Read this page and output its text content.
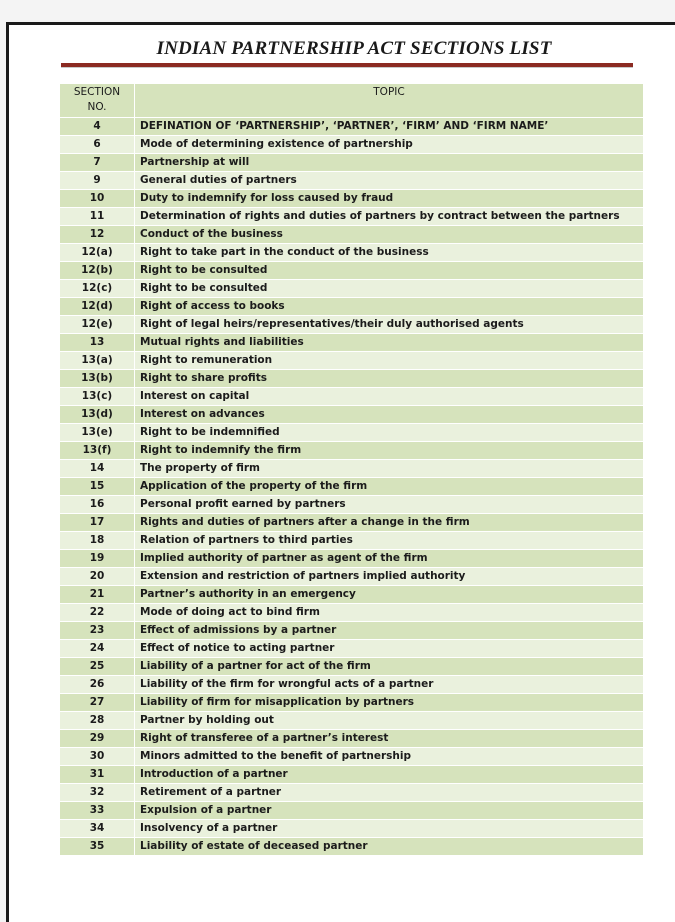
INDIAN PARTNERSHIP ACT SECTIONS LIST
SECTION
NO.	TOPIC
4	DEFINATION OF ‘PARTNERSHIP’, ‘PARTNER’, ‘FIRM’ AND ‘FIRM NAME’
6	Mode of determining existence of partnership
7	Partnership at will
9	General duties of partners
10	Duty to indemnify for loss caused by fraud
11	Determination of rights and duties of partners by contract between the partners
12	Conduct of the business
12(a)	Right to take part in the conduct of the business
12(b)	Right to be consulted
12(c)	Right to be consulted
12(d)	Right of access to books
12(e)	Right of legal heirs/representatives/their duly authorised agents
13	Mutual rights and liabilities
13(a)	Right to remuneration
13(b)	Right to share profits
13(c)	Interest on capital
13(d)	Interest on advances
13(e)	Right to be indemnified
13(f)	Right to indemnify the firm
14	The property of firm
15	Application of the property of the firm
16	Personal profit earned by partners
17	Rights and duties of partners after a change in the firm
18	Relation of partners to third parties
19	Implied authority of partner as agent of the firm
20	Extension and restriction of partners implied authority
21	Partner’s authority in an emergency
22	Mode of doing act to bind firm
23	Effect of admissions by a partner
24	Effect of notice to acting partner
25	Liability of a partner for act of the firm
26	Liability of the firm for wrongful acts of a partner
27	Liability of firm for misapplication by partners
28	Partner by holding out
29	Right of transferee of a partner’s interest
30	Minors admitted to the benefit of partnership
31	Introduction of a partner
32	Retirement of a partner
33	Expulsion of a partner
34	Insolvency of a partner
35	Liability of estate of deceased partner
